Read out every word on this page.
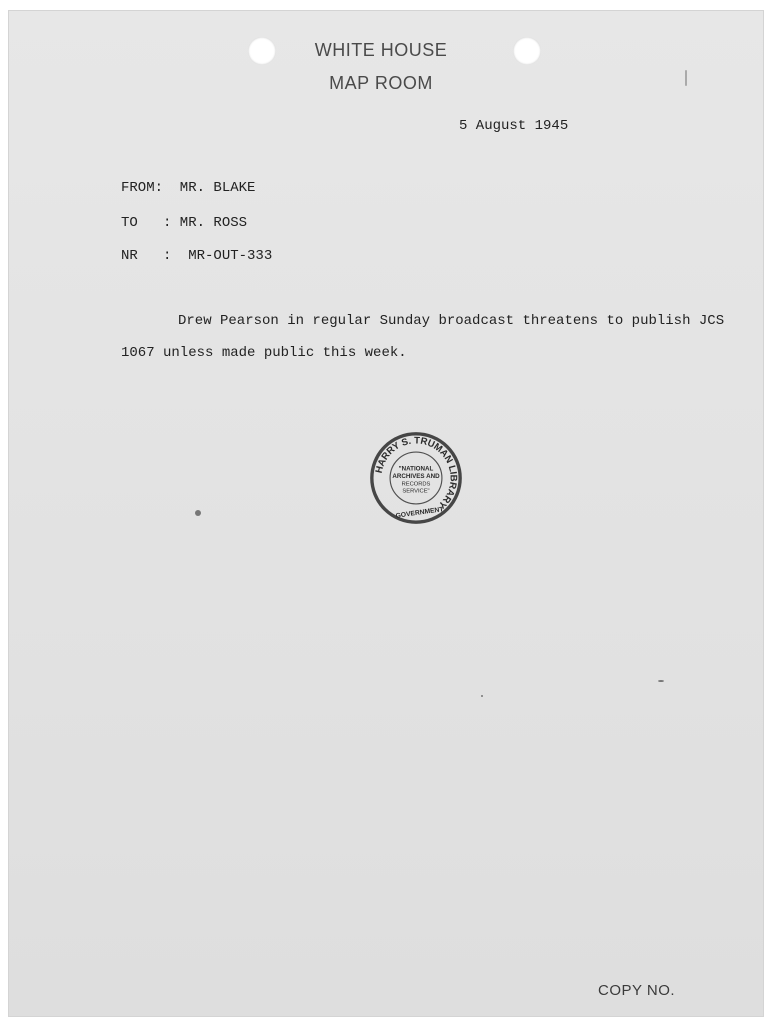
WHITE HOUSE
MAP ROOM
5 August 1945
FROM:  MR. BLAKE
TO   : MR. ROSS
NR   :  MR-OUT-333
Drew Pearson in regular Sunday broadcast threatens to publish JCS
1067 unless made public this week.
HARRY S. TRUMAN LIBRARY
"NATIONAL
ARCHIVES AND
RECORDS
SERVICE"
GOVERNMENT
COPY NO.
